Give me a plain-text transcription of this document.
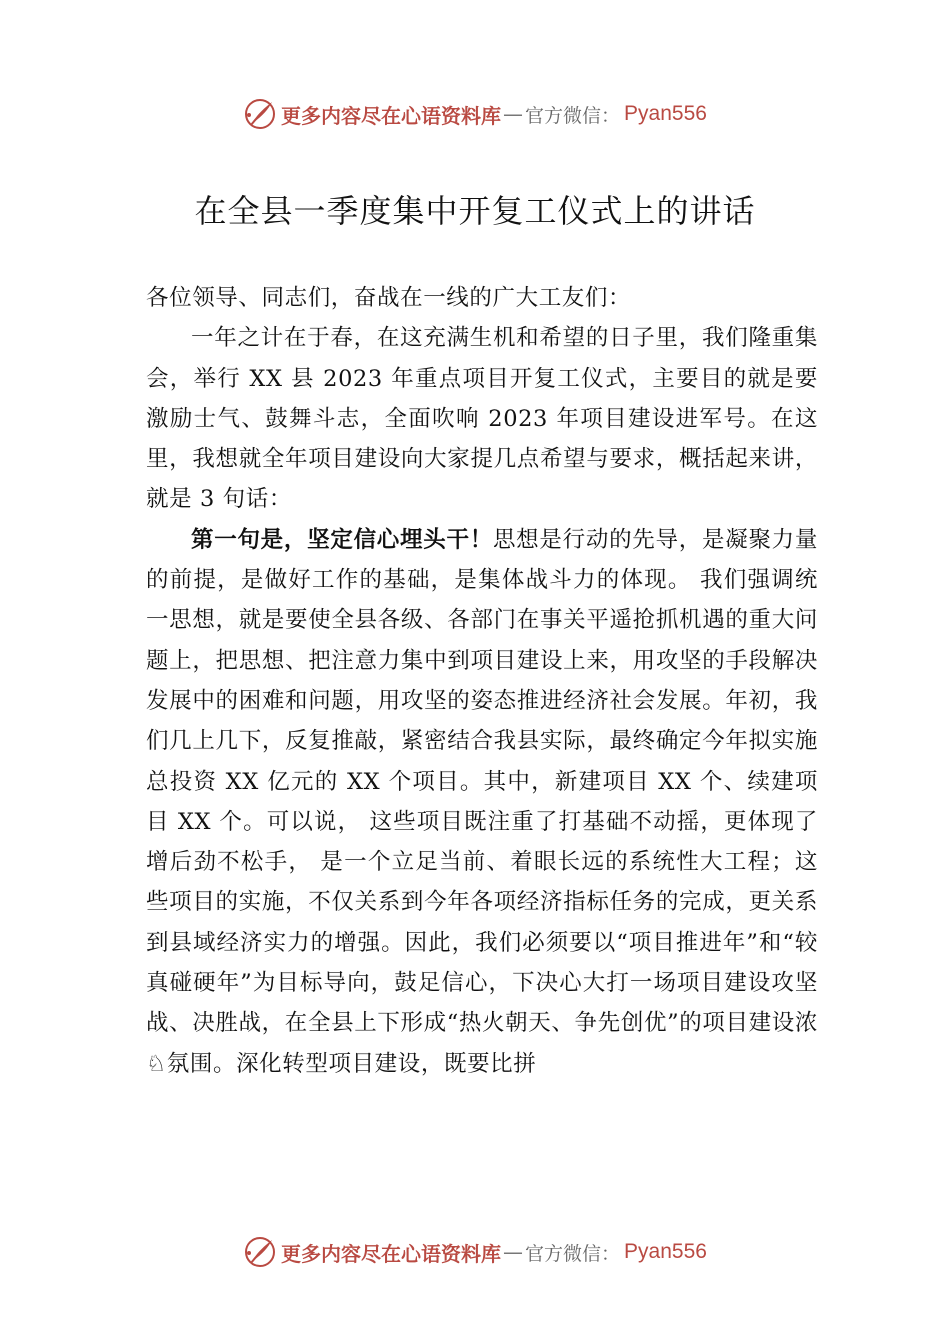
更多内容尽在心语资料库 — 官方微信： Pyan556
在全县一季度集中开复工仪式上的讲话

各位领导、同志们，奋战在一线的广大工友们：

一年之计在于春，在这充满生机和希望的日子里，我们隆重集会，举行 XX 县 2023 年重点项目开复工仪式，主要目的就是要激励士气、鼓舞斗志，全面吹响 2023 年项目建设进军号。在这里，我想就全年项目建设向大家提几点希望与要求，概括起来讲，就是 3 句话：

第一句是，坚定信心埋头干！思想是行动的先导，是凝聚力量的前提，是做好工作的基础，是集体战斗力的体现。 我们强调统一思想，就是要使全县各级、各部门在事关平遥抢抓机遇的重大问题上，把思想、把注意力集中到项目建设上来，用攻坚的手段解决发展中的困难和问题，用攻坚的姿态推进经济社会发展。年初，我们几上几下，反复推敲，紧密结合我县实际，最终确定今年拟实施总投资 XX 亿元的 XX 个项目。其中，新建项目 XX 个、续建项目 XX 个。可以说， 这些项目既注重了打基础不动摇，更体现了增后劲不松手， 是一个立足当前、着眼长远的系统性大工程；这些项目的实施，不仅关系到今年各项经济指标任务的完成，更关系到县域经济实力的增强。因此，我们必须要以“项目推进年”和“较真碰硬年”为目标导向，鼓足信心，下决心大打一场项目建设攻坚战、决胜战，在全县上下形成“热火朝天、争先创优”的项目建设浓♘氛围。深化转型项目建设，既要比拼

更多内容尽在心语资料库 — 官方微信： Pyan556
